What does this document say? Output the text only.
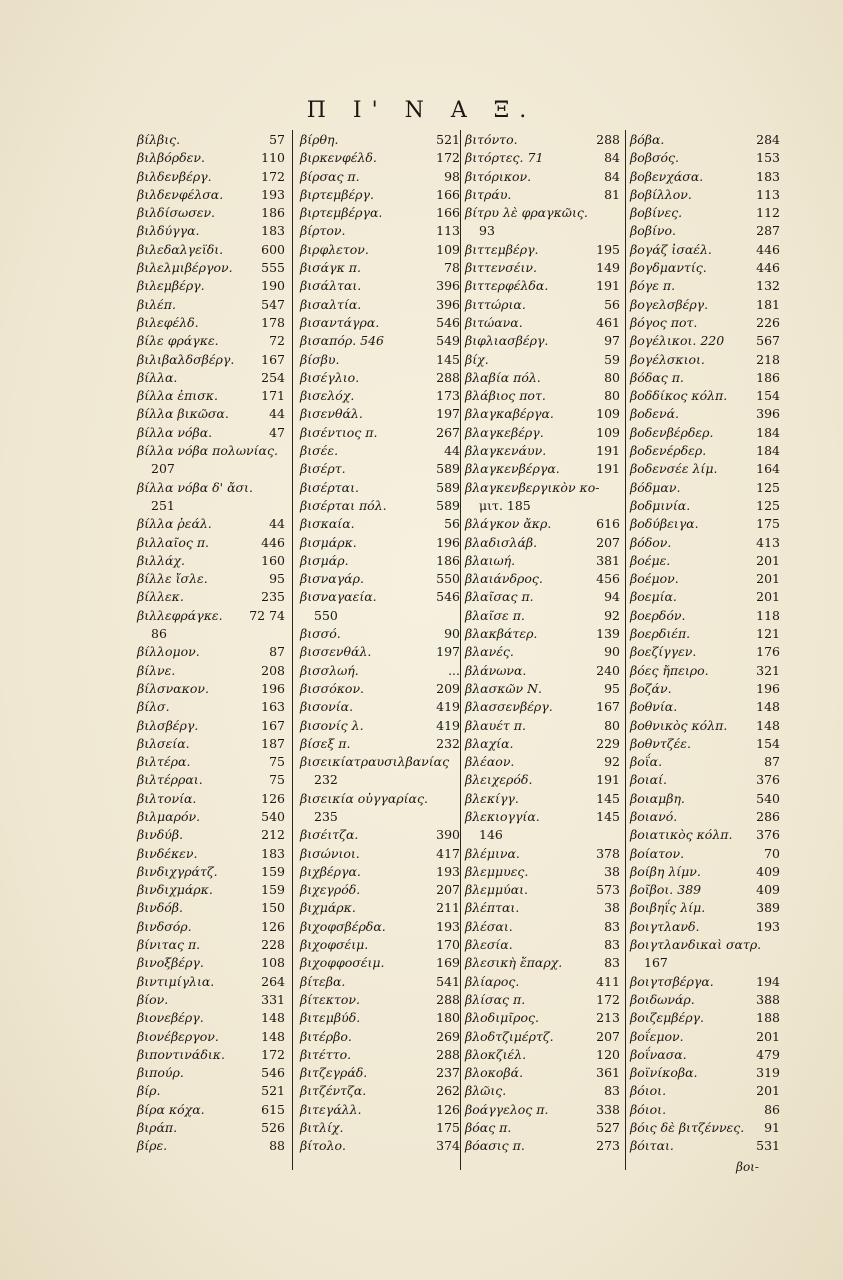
Π Ι' Ν Α Ξ.
βίλβις.	57
βιλβόρδεν.	110
βιλδενβέργ.	172
βιλδενφέλσα.	193
βιλδίσωσεν.	186
βιλδύγγα.	183
βιλεδαλγεϊδι.	600
βιλελμιβέργον. 555
βιλεμβέργ.	190
βιλέπ.	547
βιλεφέλδ.	178
βίλε φράγκε.	72
βιλιβαλδσβέργ. 167
βίλλα.	254
βίλλα ἐπισκ.	171
βίλλα βικῶσα.	44
βίλλα νόβα.	47
βίλλα νόβα πολωνίας.
207
βίλλα νόβα δ' ἄσι.
251
βίλλα ῥεάλ.	44
βιλλαῖος π.	446
βιλλάχ.	160
βίλλε ἴσλε.	95
βίλλεκ.	235
βιλλεφράγκε. 72 74
86
βίλλομον.	87
βίλνε.	208
βίλσνακον.	196
βίλσ.	163
βιλσβέργ.	167
βιλσεία.	187
βιλτέρα.	75
βιλτέρραι.	75
βιλτονία.	126
βιλμαρόν.	540
βινδύβ.	212
βινδέκεν.	183
βινδιχγράτζ.	159
βινδιχμάρκ.	159
βινδόβ.	150
βινδσόρ.	126
βίνιτας π.	228
βινοξβέργ.	108
βιντιμίγλια.	264
βίον.	331
βιονεβέργ.	148
βιονέβεργον.	148
βιποντινάδικ.	172
βιπούρ.	546
βίρ.	521
βίρα κόχα.	615
βιράπ.	526
βίρε.	88
βίρθη.	521
βιρκενφέλδ.	172
βίρσας π.	98
βιρτεμβέργ.	166
βιρτεμβέργα.	166
βίρτον.	113
βιρφλετον.	109
βισάγκ π.	78
βισάλται.	396
βισαλτία.	396
βισαντάγρα.	546
βισαπόρ. 546	549
βίσβυ.	145
βισέγλιο.	288
βισελόχ.	173
βισενθάλ.	197
βισέντιος π.	267
βισέε.	44
βισέρτ.	589
βισέρται.	589
βισέρται πόλ.	589
βισκαία.	56
βισμάρκ.	196
βισμάρ.	186
βισναγάρ.	550
βισναγαεία.	546
550
βισσό.	90
βισσενθάλ.	197
βισσλωή.	...
βισσόκον.	209
βισονία.	419
βισονίς λ.	419
βίσεξ π.	232
βισεικίατραυσιλβανίας
232
βισεικία οὐγγαρίας.
235
βισέιτζα.	390
βισώνιοι.	417
βιχβέργα.	193
βιχεγρόδ.	207
βιχμάρκ.	211
βιχοφσβέρδα.	193
βιχοφσέιμ.	170
βιχοφφοσέιμ.	169
βίτεβα.	541
βίτεκτον.	288
βιτεμβύδ.	180
βιτέρβο.	269
βιτέττο.	288
βιτζεγράδ.	237
βιτζέντζα.	262
βιτεγάλλ.	126
βιτλίχ.	175
βίτολο.	374
βιτόντο.	288
βιτόρτες. 71	84
βιτόρικον.	84
βιτράυ.	81
βίτρυ λὲ φραγκῶις.
93
βιττεμβέργ.	195
βιττενσέιν.	149
βιττερφέλδα.	191
βιττώρια.	56
βιτώανα.	461
βιφλιασβέργ.	97
βίχ.	59
βλαβία πόλ.	80
βλάβιος ποτ.	80
βλαγκαβέργα.	109
βλαγκεβέργ.	109
βλαγκενάυν.	191
βλαγκενβέργα.	191
βλαγκενβεργικὸν κο-
μιτ. 185
βλάγκον ἄκρ.	616
βλαδισλάβ.	207
βλαιωή.	381
βλαιάνδρος.	456
βλαῖσας π.	94
βλαῖσε π.	92
βλακβάτερ.	139
βλανές.	90
βλάνωνα.	240
βλασκῶν Ν.	95
βλασσενβέργ.	167
βλαυέτ π.	80
βλαχία.	229
βλέαον.	92
βλειχερόδ.	191
βλεκίγγ.	145
βλεκιογγία.	145
146
βλέμινα.	378
βλεμμυες.	38
βλεμμύαι.	573
βλέπται.	38
βλέσαι.	83
βλεσία.	83
βλεσικὴ ἔπαρχ.	83
βλίαρος.	411
βλίσας π.	172
βλοδιμῖρος.	213
βλοδτζιμέρτζ.	207
βλοκζιέλ.	120
βλοκοβά.	361
βλῶις.	83
βοάγγελος π.	338
βόας π.	527
βόασις π.	273
βόβα.	284
βοβσός.	153
βοβενχάσα.	183
βοβίλλον.	113
βοβίνες.	112
βοβίνο.	287
βογάζ ἰσαέλ.	446
βογδμαντίς.	446
βόγε π.	132
βογελσβέργ.	181
βόγος ποτ.	226
βογέλικοι. 220	567
βογέλσκιοι.	218
βόδας π.	186
βοδδίκος κόλπ. 154
βοδενά.	396
βοδενβέρδερ.	184
βοδενέρδερ.	184
βοδενσέε λίμ.	164
βόδμαν.	125
βοδμινία.	125
βοδύβειγα.	175
βόδον.	413
βοέμε.	201
βοέμον.	201
βοεμία.	201
βοερδόν.	118
βοερδιέπ.	121
βοεζίγγεν.	176
βόες ἤπειρο.	321
βοζάν.	196
βοθνία.	148
βοθνικὸς κόλπ. 148
βοθντζέε.	154
βοΐα.	87
βοιαί.	376
βοιαμβη.	540
βοιανό.	286
βοιατικὸς κόλπ. 376
βοίατον.	70
βοίβη λίμν.	409
βοῖβοι. 389	409
βοιβηΐς λίμ.	389
βοιγτλανδ.	193
βοιγτλανδικαὶ σατρ.
167
βοιγτσβέργα.	194
βοιδωνάρ.	388
βοιζεμβέργ.	188
βοΐεμον.	201
βοΐνασα.	479
βοϊνίκοβα.	319
βόιοι.	201
βόιοι.	86
βόις δὲ βιτζέννες. 91
βόιται.	531
βοι-
